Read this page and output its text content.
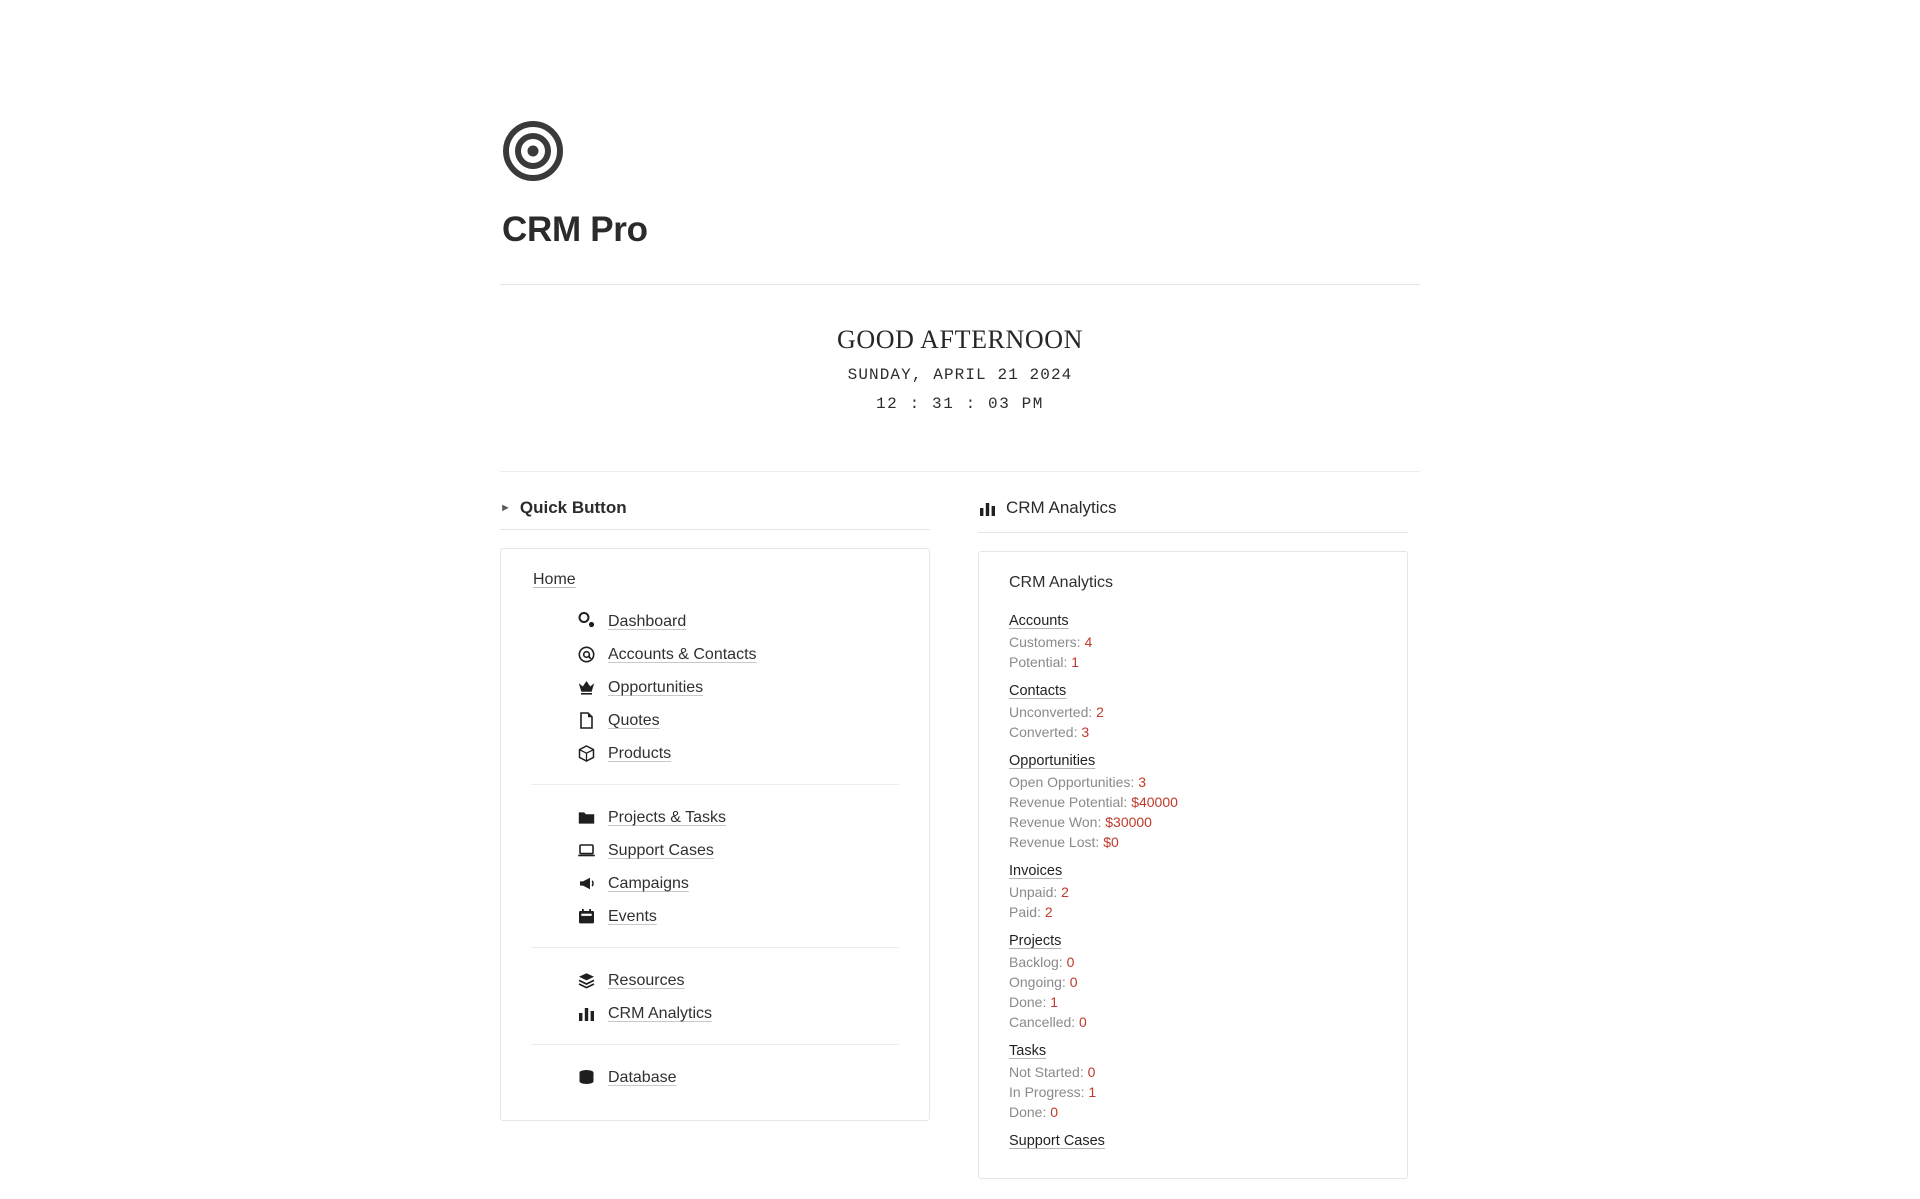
CRM Pro
GOOD AFTERNOON
SUNDAY, APRIL 21 2024
12 : 31 : 03 PM
► Quick Button
Home
Dashboard
Accounts & Contacts
Opportunities
Quotes
Products
Projects & Tasks
Support Cases
Campaigns
Events
Resources
CRM Analytics
Database
CRM Analytics
CRM Analytics
Accounts
Customers: 4
Potential: 1
Contacts
Unconverted: 2
Converted: 3
Opportunities
Open Opportunities: 3
Revenue Potential: $40000
Revenue Won: $30000
Revenue Lost: $0
Invoices
Unpaid: 2
Paid: 2
Projects
Backlog: 0
Ongoing: 0
Done: 1
Cancelled: 0
Tasks
Not Started: 0
In Progress: 1
Done: 0
Support Cases
